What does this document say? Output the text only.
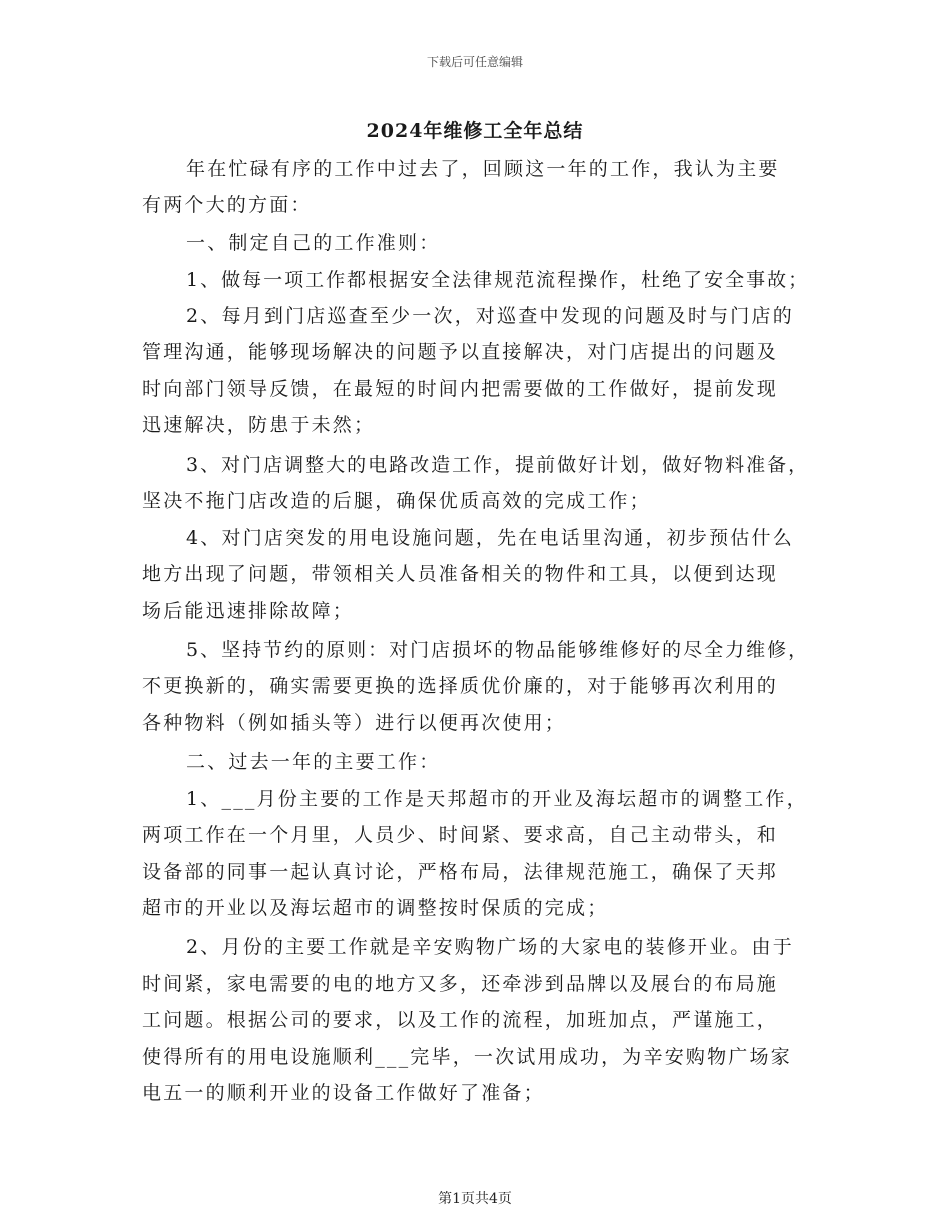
下载后可任意编辑
2024年维修工全年总结
年在忙碌有序的工作中过去了，回顾这一年的工作，我认为主要
有两个大的方面：
一、制定自己的工作准则：
1、做每一项工作都根据安全法律规范流程操作，杜绝了安全事故；
2、每月到门店巡查至少一次，对巡查中发现的问题及时与门店的
管理沟通，能够现场解决的问题予以直接解决，对门店提出的问题及
时向部门领导反馈，在最短的时间内把需要做的工作做好，提前发现
迅速解决，防患于未然；
3、对门店调整大的电路改造工作，提前做好计划，做好物料准备，
坚决不拖门店改造的后腿，确保优质高效的完成工作；
4、对门店突发的用电设施问题，先在电话里沟通，初步预估什么
地方出现了问题，带领相关人员准备相关的物件和工具，以便到达现
场后能迅速排除故障；
5、坚持节约的原则：对门店损坏的物品能够维修好的尽全力维修，
不更换新的，确实需要更换的选择质优价廉的，对于能够再次利用的
各种物料（例如插头等）进行以便再次使用；
二、过去一年的主要工作：
1、___月份主要的工作是天邦超市的开业及海坛超市的调整工作，
两项工作在一个月里，人员少、时间紧、要求高，自己主动带头，和
设备部的同事一起认真讨论，严格布局，法律规范施工，确保了天邦
超市的开业以及海坛超市的调整按时保质的完成；
2、月份的主要工作就是辛安购物广场的大家电的装修开业。由于
时间紧，家电需要的电的地方又多，还牵涉到品牌以及展台的布局施
工问题。根据公司的要求，以及工作的流程，加班加点，严谨施工，
使得所有的用电设施顺利___完毕，一次试用成功，为辛安购物广场家
电五一的顺利开业的设备工作做好了准备；
第1页共4页
